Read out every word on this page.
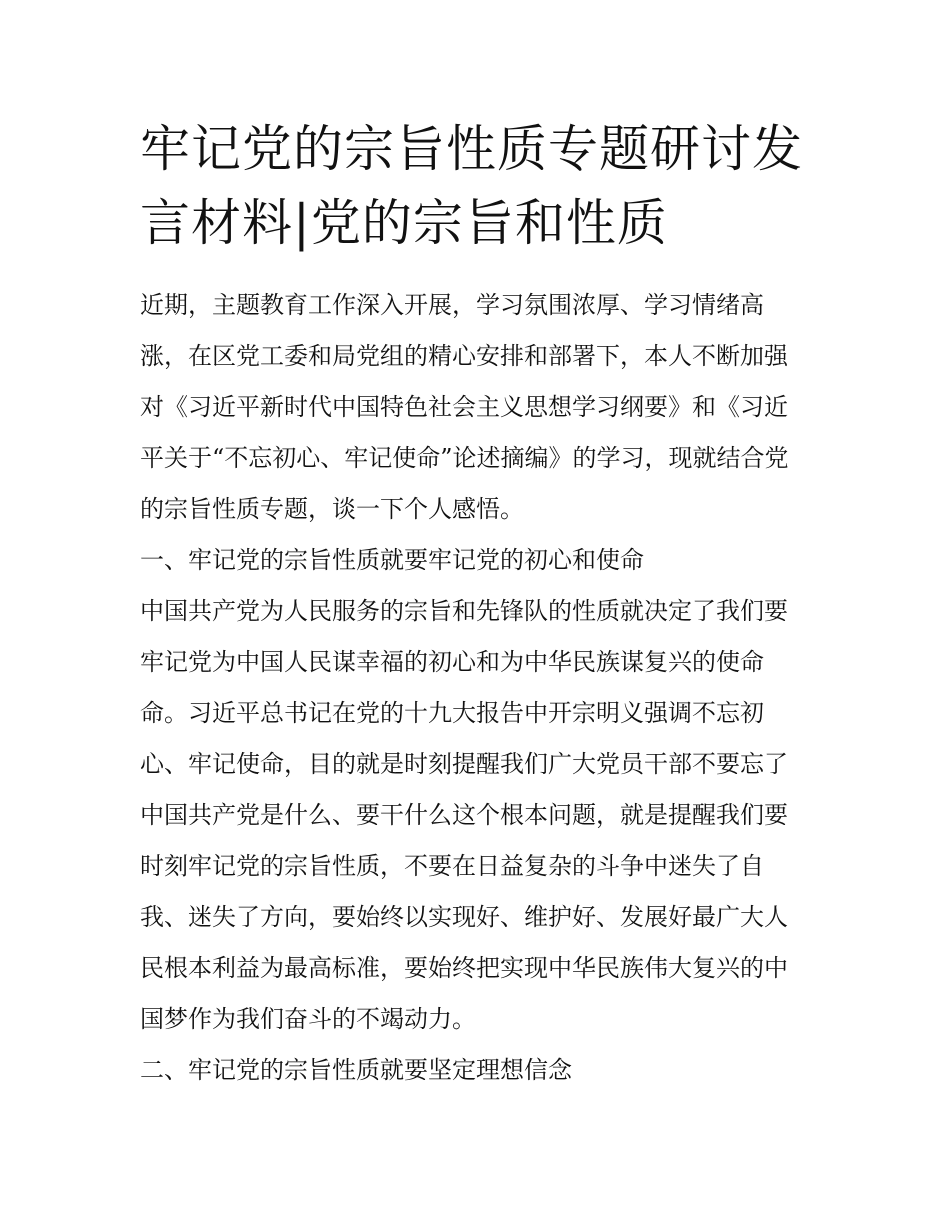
牢记党的宗旨性质专题研讨发
言材料|党的宗旨和性质
近期，主题教育工作深入开展，学习氛围浓厚、学习情绪高
涨，在区党工委和局党组的精心安排和部署下，本人不断加强
对《习近平新时代中国特色社会主义思想学习纲要》和《习近
平关于“不忘初心、牢记使命”论述摘编》的学习，现就结合党
的宗旨性质专题，谈一下个人感悟。
一、牢记党的宗旨性质就要牢记党的初心和使命
中国共产党为人民服务的宗旨和先锋队的性质就决定了我们要
牢记党为中国人民谋幸福的初心和为中华民族谋复兴的使命
命。习近平总书记在党的十九大报告中开宗明义强调不忘初
心、牢记使命，目的就是时刻提醒我们广大党员干部不要忘了
中国共产党是什么、要干什么这个根本问题，就是提醒我们要
时刻牢记党的宗旨性质，不要在日益复杂的斗争中迷失了自
我、迷失了方向，要始终以实现好、维护好、发展好最广大人
民根本利益为最高标准，要始终把实现中华民族伟大复兴的中
国梦作为我们奋斗的不竭动力。
二、牢记党的宗旨性质就要坚定理想信念
